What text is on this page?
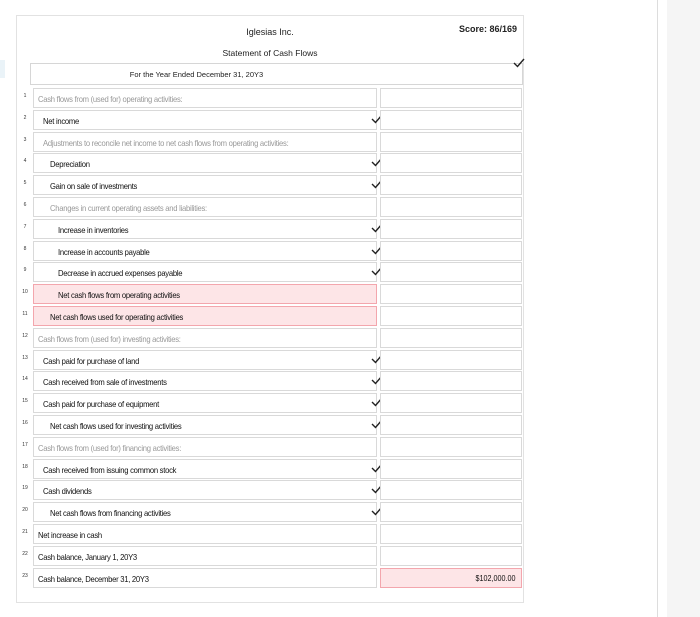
Iglesias Inc.
Statement of Cash Flows
Score: 86/169
For the Year Ended December 31, 20Y3
1	Cash flows from (used for) operating activities:
2	Net income
3	Adjustments to reconcile net income to net cash flows from operating activities:
4	Depreciation
5	Gain on sale of investments
6	Changes in current operating assets and liabilities:
7	Increase in inventories
8	Increase in accounts payable
9	Decrease in accrued expenses payable
10	Net cash flows from operating activities
11	Net cash flows used for operating activities
12 Cash flows from (used for) investing activities:
13 Cash paid for purchase of land
14 Cash received from sale of investments
15 Cash paid for purchase of equipment
16	Net cash flows used for investing activities
17 Cash flows from (used for) financing activities:
18 Cash received from issuing common stock
19 Cash dividends
20	Net cash flows from financing activities
21 Net increase in cash
22 Cash balance, January 1, 20Y3
23 Cash balance, December 31, 20Y3	$102,000.00
